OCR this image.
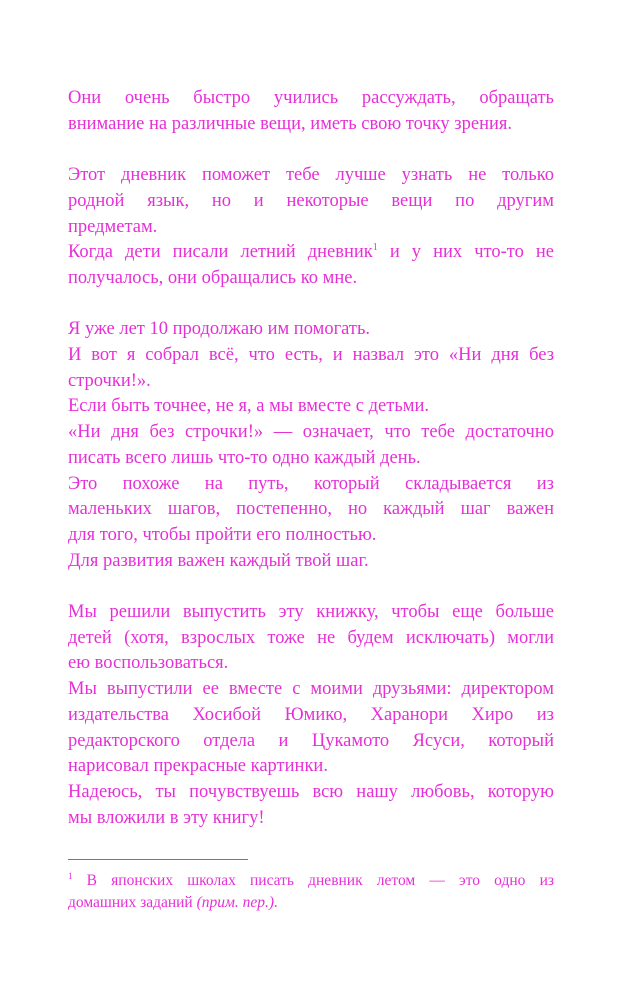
Они очень быстро учились рассуждать, обращать
внимание на различные вещи, иметь свою точку зрения.

Этот дневник поможет тебе лучше узнать не только
родной язык, но и некоторые вещи по другим
предметам.

Когда дети писали летний дневник$^1$ и у них что-то не
получалось, они обращались ко мне.

Я уже лет 10 продолжаю им помогать.
И вот я собрал всё, что есть, и назвал это «Ни дня без
строчки!».
Если быть точнее, не я, а мы вместе с детьми.
«Ни дня без строчки!» — означает, что тебе достаточно
писать всего лишь что-то одно каждый день.
Это похоже на путь, который складывается из
маленьких шагов, постепенно, но каждый шаг важен
для того, чтобы пройти его полностью.
Для развития важен каждый твой шаг.

Мы решили выпустить эту книжку, чтобы еще больше
детей (хотя, взрослых тоже не будем исключать) могли
ею воспользоваться.
Мы выпустили ее вместе с моими друзьями: директором
издательства Хосибой Юмико, Харанори Хиро из
редакторского отдела и Цукамото Ясуси, который
нарисовал прекрасные картинки.
Надеюсь, ты почувствуешь всю нашу любовь, которую
мы вложили в эту книгу!

$^1$ В японских школах писать дневник летом — это одно из
домашних заданий (прим. пер.).
